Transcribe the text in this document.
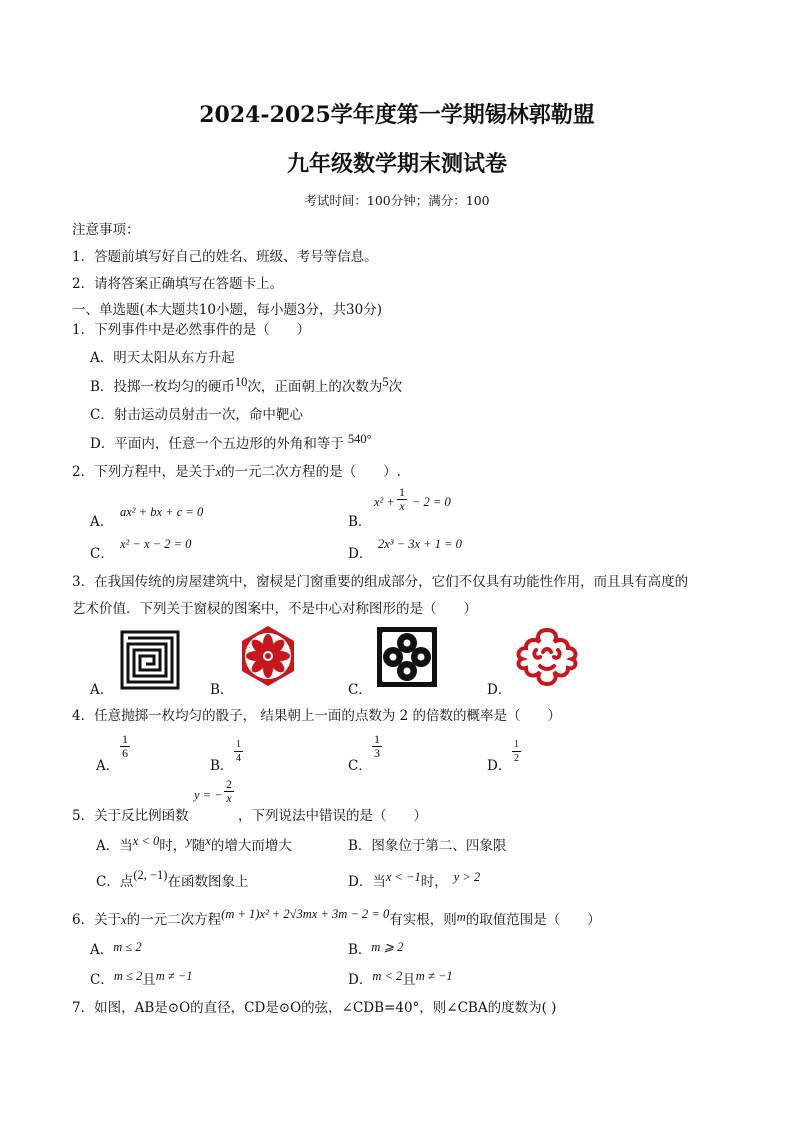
2024-2025学年度第一学期锡林郭勒盟
九年级数学期末测试卷
考试时间：100分钟；满分：100
注意事项：
1．答题前填写好自己的姓名、班级、考号等信息。
2．请将答案正确填写在答题卡上。
一、单选题(本大题共10小题，每小题3分，共30分)
1．下列事件中是必然事件的是（　　）
A．明天太阳从东方升起
B．投掷一枚均匀的硬币10次，正面朝上的次数为5次
C．射击运动员射击一次，命中靶心
D．平面内，任意一个五边形的外角和等于 540°
2．下列方程中，是关于x的一元二次方程的是（　　）.
A．
ax² + bx + c = 0
B．
$x^2 + \frac{1}{x} - 2 = 0$
C．
x² − x − 2 = 0
D．
2x³ − 3x + 1 = 0
3．在我国传统的房屋建筑中，窗棂是门窗重要的组成部分，它们不仅具有功能性作用，而且具有高度的
艺术价值．下列关于窗棂的图案中，不是中心对称图形的是（　　）
A．	B．	C．	D．
4．任意抛掷一枚均匀的骰子， 结果朝上一面的点数为 2 的倍数的概率是（　　）
A．
$\frac{1}{6}$
B．
$\frac{1}{4}$
C．
$\frac{1}{3}$
D．
$\frac{1}{2}$
5．关于反比例函数
y = − $\frac{2}{x}$
，下列说法中错误的是（　　）
A．当x < 0时，y随x的增大而增大	B．图象位于第二、四象限
C．点(2, −1)在函数图象上	D．当x < −1时， y > 2
6．关于x的一元二次方程(m + 1)x² + 2√3mx + 3m − 2 = 0有实根，则m的取值范围是（　　）
A．m ≤ 2	B．m ⩾ 2
C．m ≤ 2且m ≠ −1	D．m < 2且m ≠ −1
7．如图，AB是⊙O的直径，CD是⊙O的弦，∠CDB=40°，则∠CBA的度数为( )
